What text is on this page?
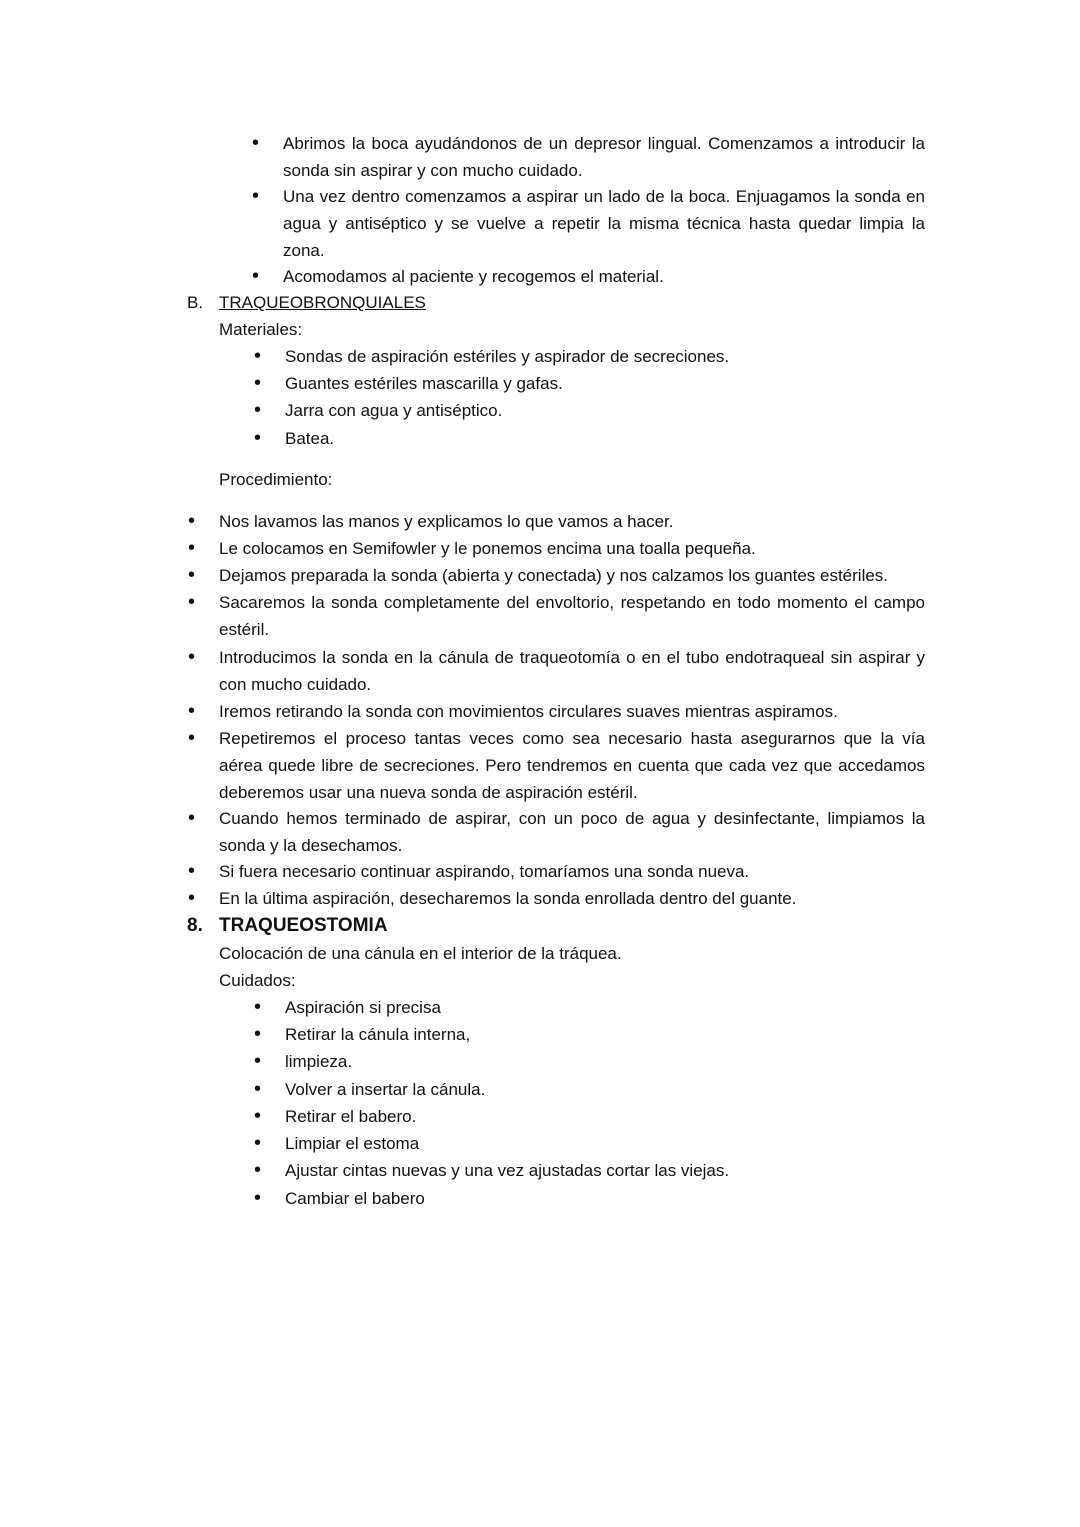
• Abrimos la boca ayudándonos de un depresor lingual. Comenzamos a introducir la sonda sin aspirar y con mucho cuidado.
• Una vez dentro comenzamos a aspirar un lado de la boca. Enjuagamos la sonda en agua y antiséptico y se vuelve a repetir la misma técnica hasta quedar limpia la zona.
• Acomodamos al paciente y recogemos el material.
B. TRAQUEOBRONQUIALES
Materiales:
• Sondas de aspiración estériles y aspirador de secreciones.
• Guantes estériles mascarilla y gafas.
• Jarra con agua y antiséptico.
• Batea.
Procedimiento:
• Nos lavamos las manos y explicamos lo que vamos a hacer.
• Le colocamos en Semifowler y le ponemos encima una toalla pequeña.
• Dejamos preparada la sonda (abierta y conectada) y nos calzamos los guantes estériles.
• Sacaremos la sonda completamente del envoltorio, respetando en todo momento el campo estéril.
• Introducimos la sonda en la cánula de traqueotomía o en el tubo endotraqueal sin aspirar y con mucho cuidado.
• Iremos retirando la sonda con movimientos circulares suaves mientras aspiramos.
• Repetiremos el proceso tantas veces como sea necesario hasta asegurarnos que la vía aérea quede libre de secreciones. Pero tendremos en cuenta que cada vez que accedamos deberemos usar una nueva sonda de aspiración estéril.
• Cuando hemos terminado de aspirar, con un poco de agua y desinfectante, limpiamos la sonda y la desechamos.
• Si fuera necesario continuar aspirando, tomaríamos una sonda nueva.
• En la última aspiración, desecharemos la sonda enrollada dentro del guante.
8. TRAQUEOSTOMIA
Colocación de una cánula en el interior de la tráquea.
Cuidados:
• Aspiración si precisa
• Retirar la cánula interna,
• limpieza.
• Volver a insertar la cánula.
• Retirar el babero.
• Limpiar el estoma
• Ajustar cintas nuevas y una vez ajustadas cortar las viejas.
• Cambiar el babero
